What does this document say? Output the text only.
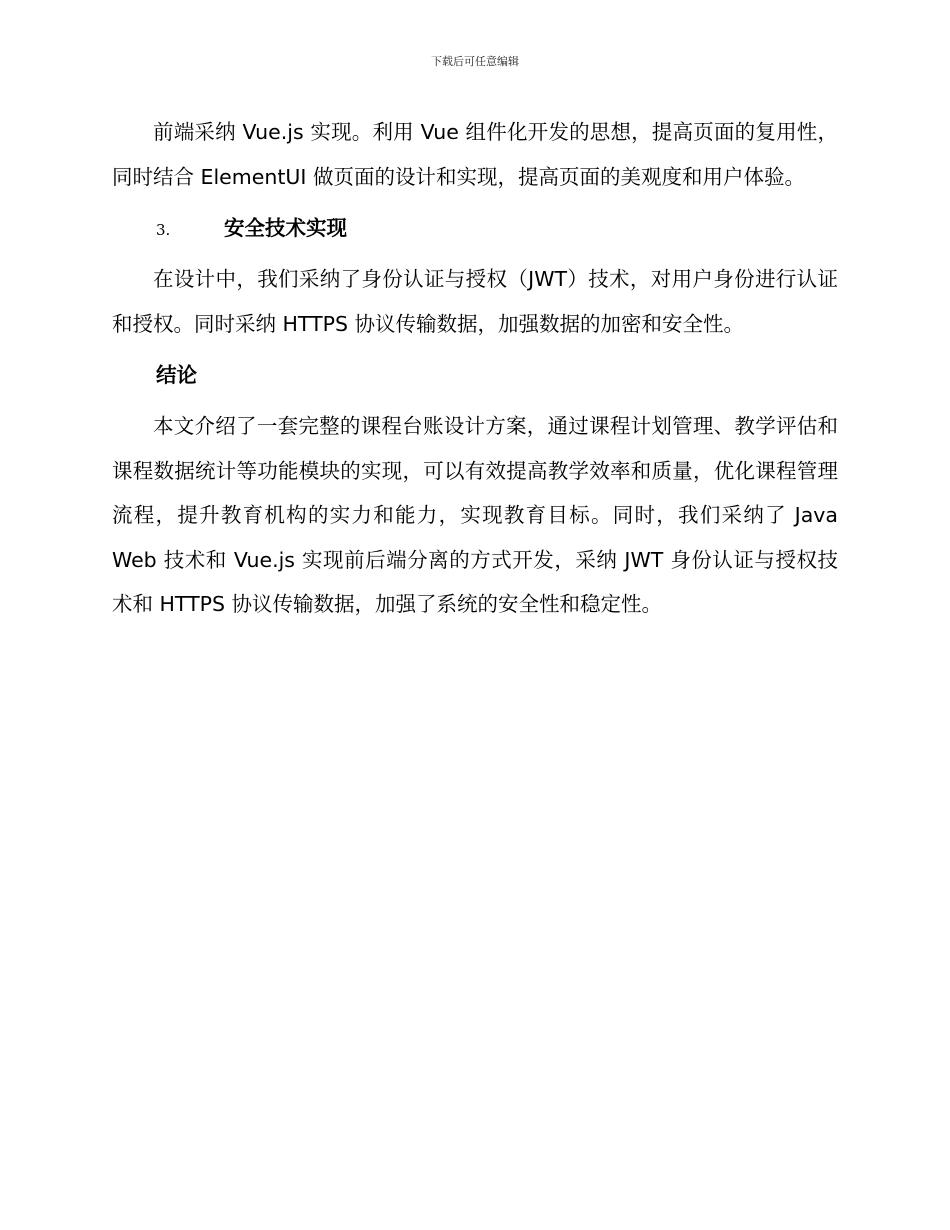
下载后可任意编辑

前端采纳 Vue.js 实现。利用 Vue 组件化开发的思想，提高页面的复用性，同时结合 ElementUI 做页面的设计和实现，提高页面的美观度和用户体验。

3.	安全技术实现

在设计中，我们采纳了身份认证与授权（JWT）技术，对用户身份进行认证和授权。同时采纳 HTTPS 协议传输数据，加强数据的加密和安全性。

结论

本文介绍了一套完整的课程台账设计方案，通过课程计划管理、教学评估和课程数据统计等功能模块的实现，可以有效提高教学效率和质量，优化课程管理流程，提升教育机构的实力和能力，实现教育目标。同时，我们采纳了 Java Web 技术和 Vue.js 实现前后端分离的方式开发，采纳 JWT 身份认证与授权技术和 HTTPS 协议传输数据，加强了系统的安全性和稳定性。
